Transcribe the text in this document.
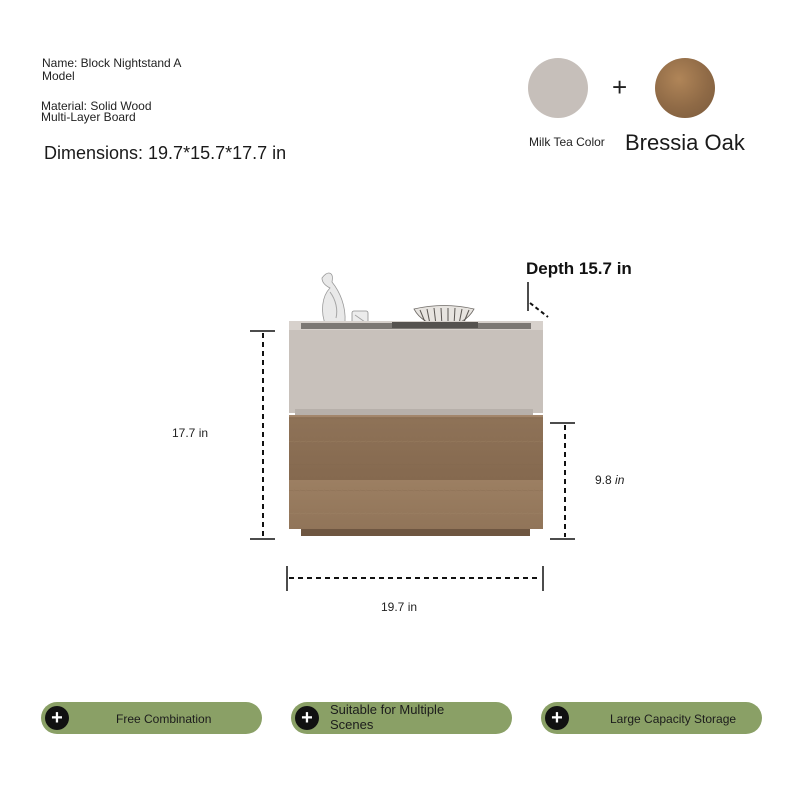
Name: Block Nightstand A
Model
Material: Solid Wood
Multi-Layer Board
Dimensions: 19.7*15.7*17.7 in
+
Milk Tea Color Bressia Oak
Depth 15.7 in
17.7 in
9.8 in
19.7 in
+	Free Combination	+	Suitable for Multiple
Scenes	+	Large Capacity Storage
